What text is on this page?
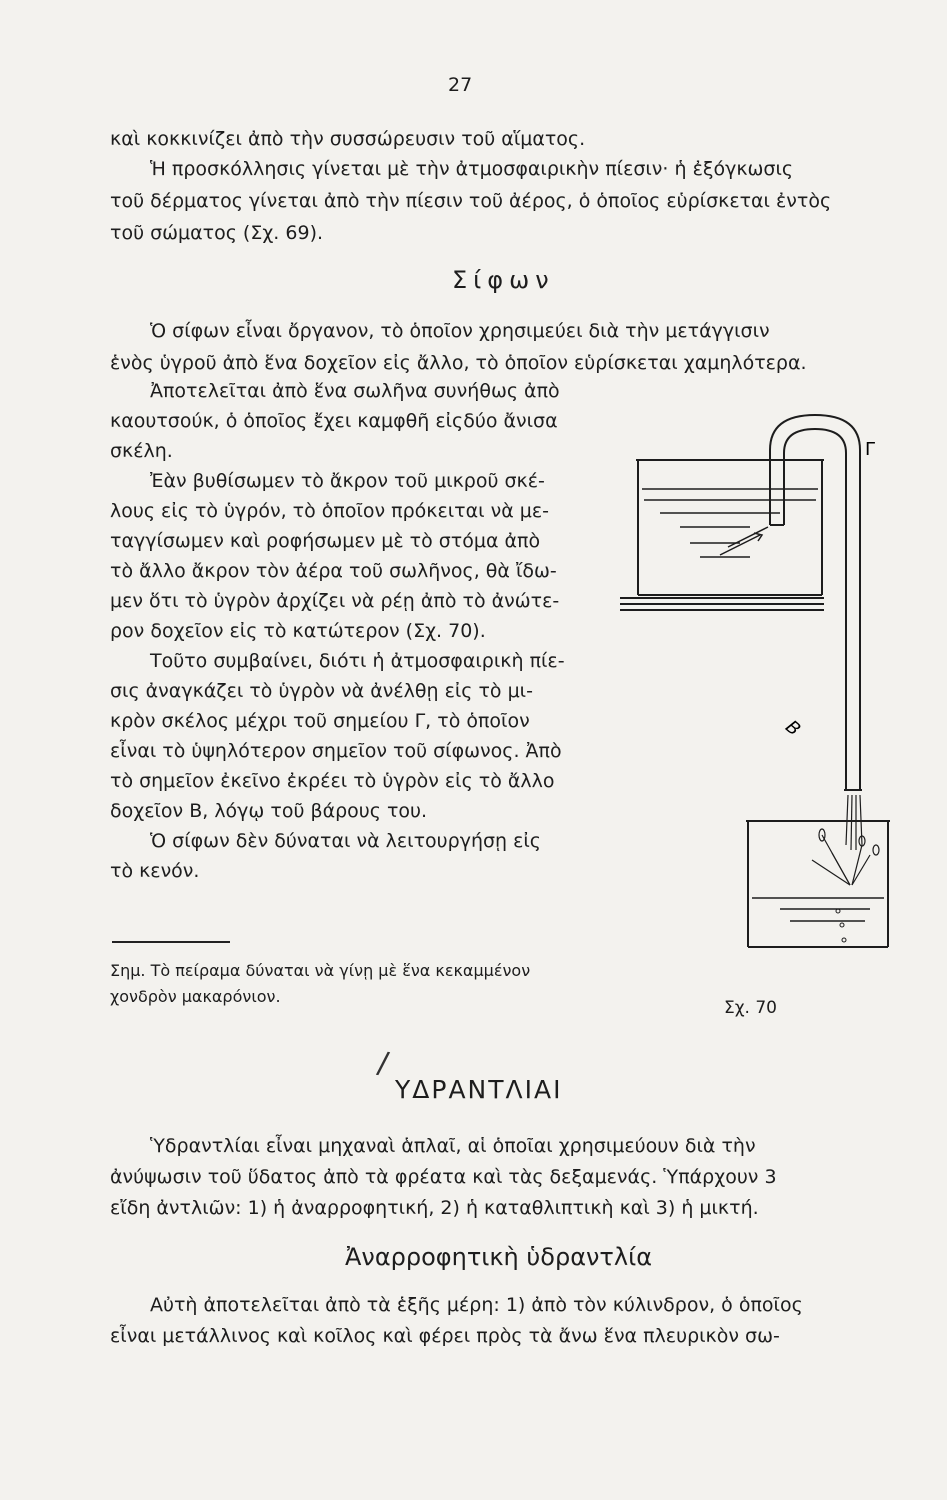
27
καὶ κοκκινίζει ἀπὸ τὴν συσσώρευσιν τοῦ αἵματος.
Ἡ προσκόλλησις γίνεται μὲ τὴν ἀτμοσφαιρικὴν πίεσιν· ἡ ἐξόγκωσις
τοῦ δέρματος γίνεται ἀπὸ τὴν πίεσιν τοῦ ἀέρος, ὁ ὁποῖος εὑρίσκεται ἐντὸς
τοῦ σώματος (Σχ. 69).
Σίφων
Ὁ σίφων εἶναι ὄργανον, τὸ ὁποῖον χρησιμεύει διὰ τὴν μετάγγισιν
ἑνὸς ὑγροῦ ἀπὸ ἕνα δοχεῖον εἰς ἄλλο, τὸ ὁποῖον εὑρίσκεται χαμηλότερα.

Ἀποτελεῖται ἀπὸ ἕνα σωλῆνα συνήθως ἀπὸ

καουτσούκ, ὁ ὁποῖος ἔχει καμφθῆ εἰςδύο ἄνισα

σκέλη.

Ἐὰν βυθίσωμεν τὸ ἄκρον τοῦ μικροῦ σκέ-

λους εἰς τὸ ὑγρόν, τὸ ὁποῖον πρόκειται νὰ με-

ταγγίσωμεν καὶ ροφήσωμεν μὲ τὸ στόμα ἀπὸ

τὸ ἄλλο ἄκρον τὸν ἀέρα τοῦ σωλῆνος, θὰ ἴδω-

μεν ὅτι τὸ ὑγρὸν ἀρχίζει νὰ ρέῃ ἀπὸ τὸ ἀνώτε-

ρον δοχεῖον εἰς τὸ κατώτερον (Σχ. 70).

Τοῦτο συμβαίνει, διότι ἡ ἀτμοσφαιρικὴ πίε-

σις ἀναγκάζει τὸ ὑγρὸν νὰ ἀνέλθῃ εἰς τὸ μι-

κρὸν σκέλος μέχρι τοῦ σημείου Γ, τὸ ὁποῖον

εἶναι τὸ ὑψηλότερον σημεῖον τοῦ σίφωνος. Ἀπὸ

τὸ σημεῖον ἐκεῖνο ἐκρέει τὸ ὑγρὸν εἰς τὸ ἄλλο

δοχεῖον Β, λόγῳ τοῦ βάρους του.

Ὁ σίφων δὲν δύναται νὰ λειτουργήσῃ εἰς

τὸ κενόν.

Σημ. Τὸ πείραμα δύναται νὰ γίνῃ μὲ ἕνα κεκαμμένον

χονδρὸν μακαρόνιον.

Γ
Β
Σχ. 70
/
ΥΔΡΑΝΤΛΙΑΙ

Ὑδραντλίαι εἶναι μηχαναὶ ἁπλαῖ, αἱ ὁποῖαι χρησιμεύουν διὰ τὴν

ἀνύψωσιν τοῦ ὕδατος ἀπὸ τὰ φρέατα καὶ τὰς δεξαμενάς. Ὑπάρχουν 3

εἴδη ἀντλιῶν: 1) ἡ ἀναρροφητική, 2) ἡ καταθλιπτικὴ καὶ 3) ἡ μικτή.

Ἀναρροφητικὴ ὑδραντλία

Αὐτὴ ἀποτελεῖται ἀπὸ τὰ ἑξῆς μέρη: 1) ἀπὸ τὸν κύλινδρον, ὁ ὁποῖος

εἶναι μετάλλινος καὶ κοῖλος καὶ φέρει πρὸς τὰ ἄνω ἕνα πλευρικὸν σω-
